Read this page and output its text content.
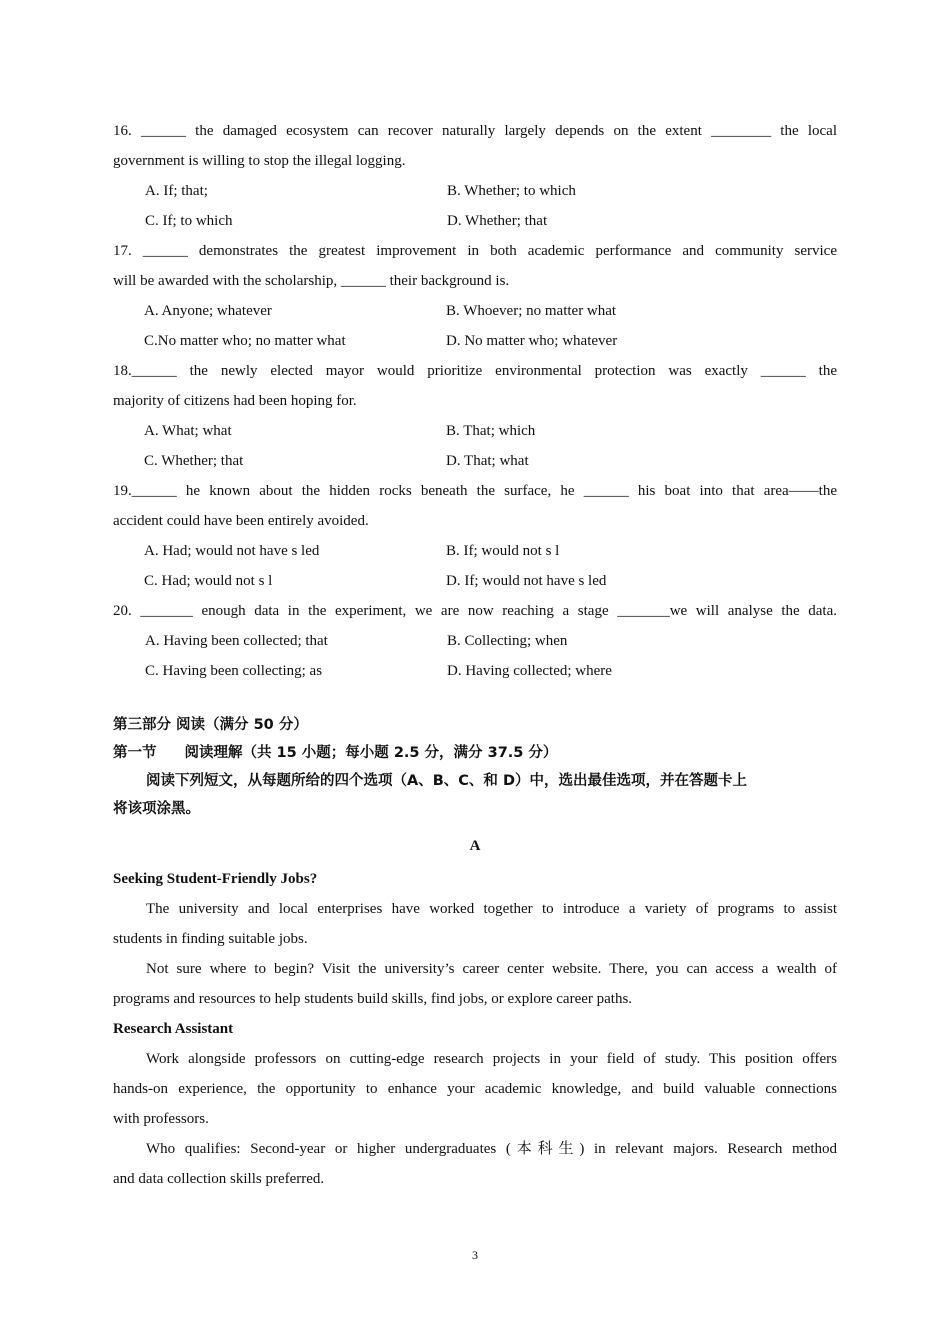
16. ______ the damaged ecosystem can recover naturally largely depends on the extent ________ the local
government is willing to stop the illegal logging.
A. If; that;	B. Whether; to which
C. If; to which	D. Whether; that
17. ______ demonstrates the greatest improvement in both academic performance and community service
will be awarded with the scholarship, ______ their background is.
A. Anyone; whatever	B. Whoever; no matter what
C.No matter who; no matter what	D. No matter who; whatever
18.______ the newly elected mayor would prioritize environmental protection was exactly ______ the
majority of citizens had been hoping for.
A. What; what	B. That; which
C. Whether; that	D. That; what
19.______ he known about the hidden rocks beneath the surface, he ______ his boat into that area——the
accident could have been entirely avoided.
A. Had; would not have s led	B. If; would not s l
C. Had; would not s l	D. If; would not have s led
20. _______ enough data in the experiment, we are now reaching a stage _______we will analyse the data.
A. Having been collected; that	B. Collecting; when
C. Having been collecting; as	D. Having collected; where
第三部分 阅读（满分 50 分）
第一节 阅读理解（共 15 小题；每小题 2.5 分，满分 37.5 分）
阅读下列短文，从每题所给的四个选项（A、B、C、和 D）中，选出最佳选项，并在答题卡上
将该项涂黑。
A
Seeking Student-Friendly Jobs?
The university and local enterprises have worked together to introduce a variety of programs to assist
students in finding suitable jobs.
Not sure where to begin? Visit the university’s career center website. There, you can access a wealth of
programs and resources to help students build skills, find jobs, or explore career paths.
Research Assistant
Work alongside professors on cutting-edge research projects in your field of study. This position offers
hands-on experience, the opportunity to enhance your academic knowledge, and build valuable connections
with professors.
Who qualifies: Second-year or higher undergraduates (本科生) in relevant majors. Research method
and data collection skills preferred.
3
